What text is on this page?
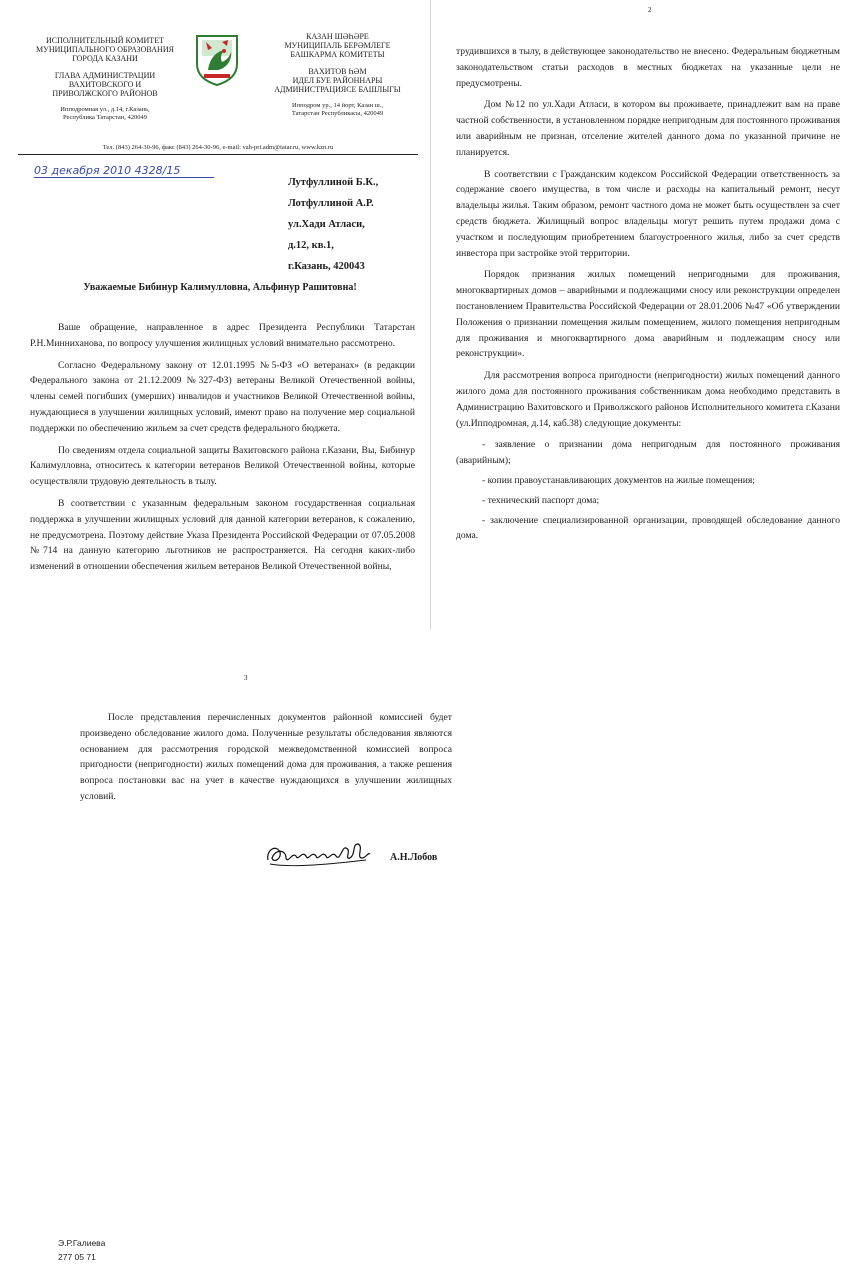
ИСПОЛНИТЕЛЬНЫЙ КОМИТЕТ
МУНИЦИПАЛЬНОГО ОБРАЗОВАНИЯ
ГОРОДА КАЗАНИ
ГЛАВА АДМИНИСТРАЦИИ
ВАХИТОВСКОГО И
ПРИВОЛЖСКОГО РАЙОНОВ
Ипподромная ул., д.14, г.Казань,
Республика Татарстан, 420049
КАЗАН ШӘҺӘРЕ
МУНИЦИПАЛЬ БЕРӘМЛЕГЕ
БАШКАРМА КОМИТЕТЫ
ВАХИТОВ ҺӘМ
ИДЕЛ БУЕ РАЙОННАРЫ
АДМИНИСТРАЦИЯСЕ БАШЛЫГЫ
Ипподром ур., 14 йорт, Казан ш.,
Татарстан Республикасы, 420049
Тел. (843) 264-30-96, факс (843) 264-30-96, e-mail: vah-pri.adm@tatar.ru, www.kzn.ru
03 декабря 2010 4328/15
Лутфуллиной Б.К.,
Лотфуллиной А.Р.
ул.Хади Атласи,
д.12, кв.1,
г.Казань, 420043
Уважаемые Бибинур Калимулловна, Альфинур Рашитовна!

Ваше обращение, направленное в адрес Президента Республики Татарстан Р.Н.Минниханова, по вопросу улучшения жилищных условий внимательно рассмотрено.

Согласно Федеральному закону от 12.01.1995 №5-ФЗ «О ветеранах» (в редакции Федерального закона от 21.12.2009 №327-ФЗ) ветераны Великой Отечественной войны, члены семей погибших (умерших) инвалидов и участников Великой Отечественной войны, нуждающиеся в улучшении жилищных условий, имеют право на получение мер социальной поддержки по обеспечению жильем за счет средств федерального бюджета.

По сведениям отдела социальной защиты Вахитовского района г.Казани, Вы, Бибинур Калимулловна, относитесь к категории ветеранов Великой Отечественной войны, которые осуществляли трудовую деятельность в тылу.

В соответствии с указанным федеральным законом государственная социальная поддержка в улучшении жилищных условий для данной категории ветеранов, к сожалению, не предусмотрена. Поэтому действие Указа Президента Российской Федерации от 07.05.2008 №714 на данную категорию льготников не распространяется. На сегодня каких-либо изменений в отношении обеспечения жильем ветеранов Великой Отечественной войны,

2

трудившихся в тылу, в действующее законодательство не внесено. Федеральным бюджетным законодательством статьи расходов в местных бюджетах на указанные цели не предусмотрены.

Дом №12 по ул.Хади Атласи, в котором вы проживаете, принадлежит вам на праве частной собственности, в установленном порядке непригодным для постоянного проживания или аварийным не признан, отселение жителей данного дома по указанной причине не планируется.

В соответствии с Гражданским кодексом Российской Федерации ответственность за содержание своего имущества, в том числе и расходы на капитальный ремонт, несут владельцы жилья. Таким образом, ремонт частного дома не может быть осуществлен за счет средств бюджета. Жилищный вопрос владельцы могут решить путем продажи дома с участком и последующим приобретением благоустроенного жилья, либо за счет средств инвестора при застройке этой территории.

Порядок признания жилых помещений непригодными для проживания, многоквартирных домов – аварийными и подлежащими сносу или реконструкции определен постановлением Правительства Российской Федерации от 28.01.2006 №47 «Об утверждении Положения о признании помещения жилым помещением, жилого помещения непригодным для проживания и многоквартирного дома аварийным и подлежащим сносу или реконструкции».

Для рассмотрения вопроса пригодности (непригодности) жилых помещений данного жилого дома для постоянного проживания собственникам дома необходимо представить в Администрацию Вахитовского и Приволжского районов Исполнительного комитета г.Казани (ул.Ипподромная, д.14, каб.38) следующие документы:

- заявление о признании дома непригодным для постоянного проживания (аварийным);

- копии правоустанавливающих документов на жилые помещения;

- технический паспорт дома;

- заключение специализированной организации, проводящей обследование данного дома.

3

После представления перечисленных документов районной комиссией будет произведено обследование жилого дома. Полученные результаты обследования являются основанием для рассмотрения городской межведомственной комиссией вопроса пригодности (непригодности) жилых помещений дома для проживания, а также решения вопроса постановки вас на учет в качестве нуждающихся в улучшении жилищных условий.

А.Н.Лобов
Э.Р.Галиева
277 05 71
